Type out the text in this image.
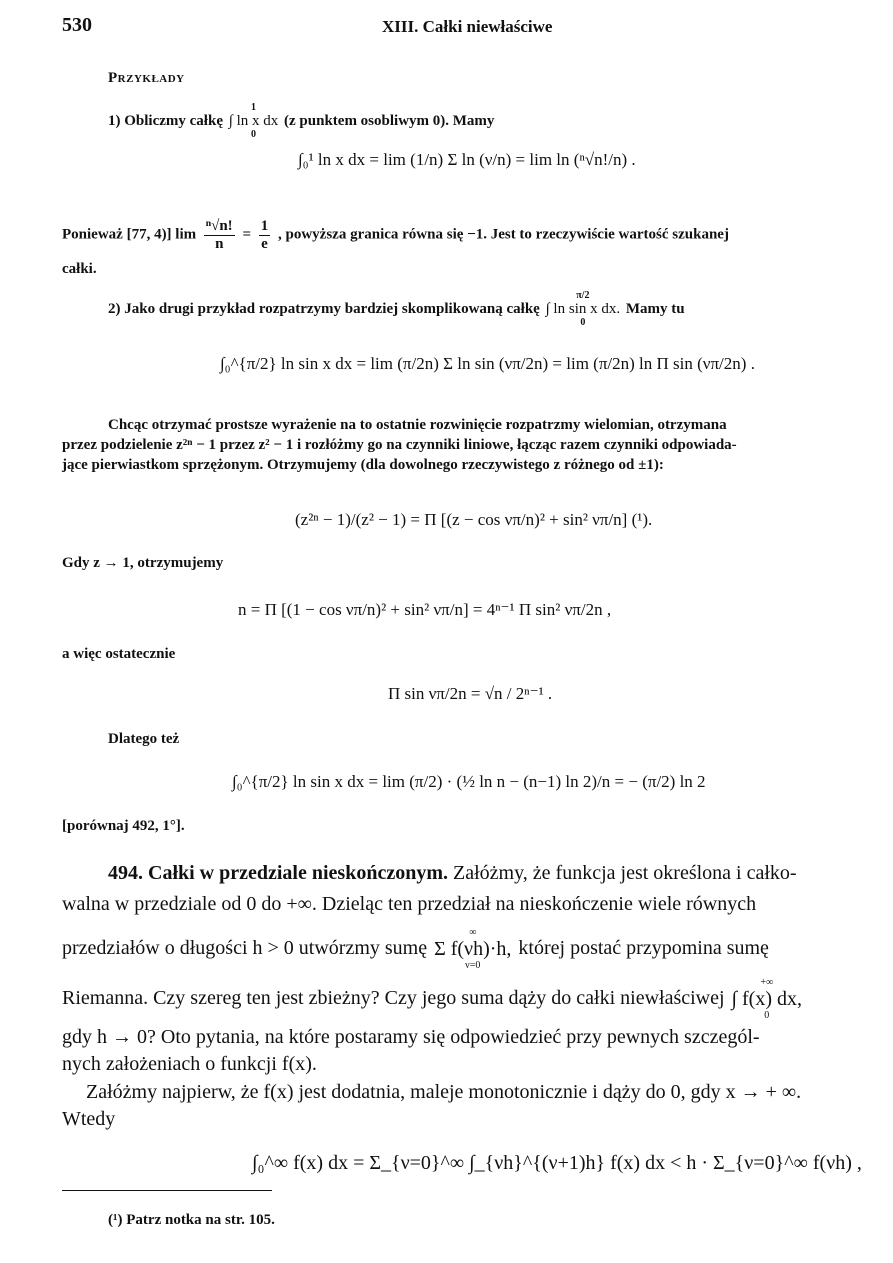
530	XIII. Całki niewłaściwe
Przykłady
1) Obliczmy całkę
1
∫ ln x dx
0
(z punktem osobliwym 0). Mamy
∫₀¹ ln x dx = lim (1/n) Σ ln (ν/n) = lim ln (ⁿ√n!/n) .
Ponieważ [77, 4)] $\lim \frac{\text{ⁿ√n!}}{n} = \frac{1}{e}$ , powyższa granica równa się −1. Jest to rzeczywiście wartość szukanej
całki.
2) Jako drugi przykład rozpatrzymy bardziej skomplikowaną całkę
π/2
∫ ln sin x dx.
0
Mamy tu
∫₀^{π/2} ln sin x dx = lim (π/2n) Σ ln sin (νπ/2n) = lim (π/2n) ln Π sin (νπ/2n) .
Chcąc otrzymać prostsze wyrażenie na to ostatnie rozwinięcie rozpatrzmy wielomian, otrzymana
przez podzielenie z²ⁿ − 1 przez z² − 1 i rozłóżmy go na czynniki liniowe, łącząc razem czynniki odpowiada-
jące pierwiastkom sprzężonym. Otrzymujemy (dla dowolnego rzeczywistego z różnego od ±1):
(z²ⁿ − 1)/(z² − 1) = Π [(z − cos νπ/n)² + sin² νπ/n] (¹).
Gdy z → 1, otrzymujemy
n = Π [(1 − cos νπ/n)² + sin² νπ/n] = 4ⁿ⁻¹ Π sin² νπ/2n ,
a więc ostatecznie
Π sin νπ/2n = √n / 2ⁿ⁻¹ .
Dlatego też
∫₀^{π/2} ln sin x dx = lim (π/2) · (½ ln n − (n−1) ln 2)/n = − (π/2) ln 2
[porównaj 492, 1°].
494. Całki w przedziale nieskończonym. Załóżmy, że funkcja jest określona i całko-
walna w przedziale od 0 do +∞. Dzieląc ten przedział na nieskończenie wiele równych
przedziałów o długości h > 0 utwórzmy sumę
∞
Σ f(νh)·h,
ν=0
której postać przypomina sumę
Riemanna. Czy szereg ten jest zbieżny? Czy jego suma dąży do całki niewłaściwej
+∞
∫ f(x) dx,
0
gdy h → 0? Oto pytania, na które postaramy się odpowiedzieć przy pewnych szczegól-
nych założeniach o funkcji f(x).
Załóżmy najpierw, że f(x) jest dodatnia, maleje monotonicznie i dąży do 0, gdy x → + ∞.
Wtedy
∫₀^∞ f(x) dx = Σ_{ν=0}^∞ ∫_{νh}^{(ν+1)h} f(x) dx < h · Σ_{ν=0}^∞ f(νh) ,
(¹) Patrz notka na str. 105.
